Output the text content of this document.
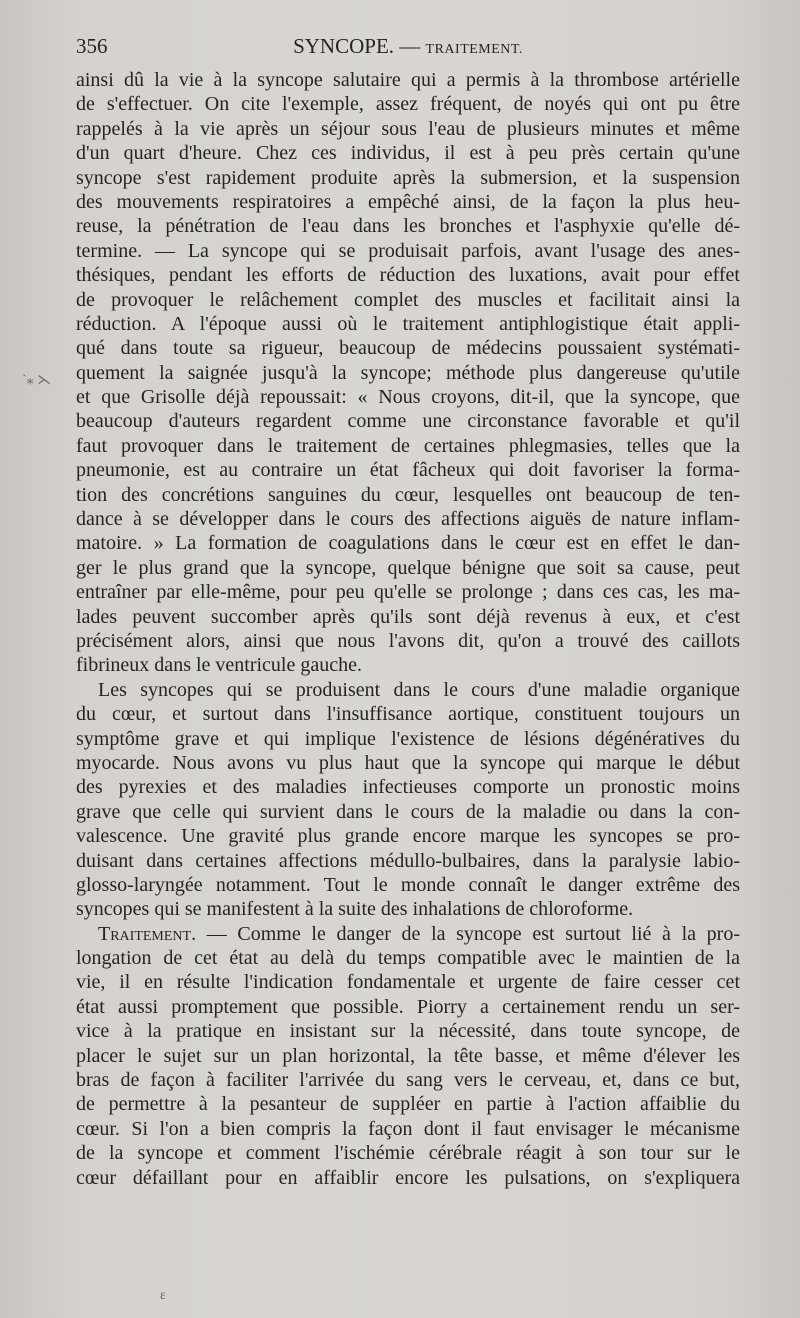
356	SYNCOPE. — TRAITEMENT.
ˋ⁎ ⋋
ainsi dû la vie à la syncope salutaire qui a permis à la thrombose artérielle
de s'effectuer. On cite l'exemple, assez fréquent, de noyés qui ont pu être
rappelés à la vie après un séjour sous l'eau de plusieurs minutes et même
d'un quart d'heure. Chez ces individus, il est à peu près certain qu'une
syncope s'est rapidement produite après la submersion, et la suspension
des mouvements respiratoires a empêché ainsi, de la façon la plus heu-
reuse, la pénétration de l'eau dans les bronches et l'asphyxie qu'elle dé-
termine. — La syncope qui se produisait parfois, avant l'usage des anes-
thésiques, pendant les efforts de réduction des luxations, avait pour effet
de provoquer le relâchement complet des muscles et facilitait ainsi la
réduction. A l'époque aussi où le traitement antiphlogistique était appli-
qué dans toute sa rigueur, beaucoup de médecins poussaient systémati-
quement la saignée jusqu'à la syncope; méthode plus dangereuse qu'utile
et que Grisolle déjà repoussait: « Nous croyons, dit-il, que la syncope, que
beaucoup d'auteurs regardent comme une circonstance favorable et qu'il
faut provoquer dans le traitement de certaines phlegmasies, telles que la
pneumonie, est au contraire un état fâcheux qui doit favoriser la forma-
tion des concrétions sanguines du cœur, lesquelles ont beaucoup de ten-
dance à se développer dans le cours des affections aiguës de nature inflam-
matoire. » La formation de coagulations dans le cœur est en effet le dan-
ger le plus grand que la syncope, quelque bénigne que soit sa cause, peut
entraîner par elle-même, pour peu qu'elle se prolonge ; dans ces cas, les ma-
lades peuvent succomber après qu'ils sont déjà revenus à eux, et c'est
précisément alors, ainsi que nous l'avons dit, qu'on a trouvé des caillots
fibrineux dans le ventricule gauche.
Les syncopes qui se produisent dans le cours d'une maladie organique
du cœur, et surtout dans l'insuffisance aortique, constituent toujours un
symptôme grave et qui implique l'existence de lésions dégénératives du
myocarde. Nous avons vu plus haut que la syncope qui marque le début
des pyrexies et des maladies infectieuses comporte un pronostic moins
grave que celle qui survient dans le cours de la maladie ou dans la con-
valescence. Une gravité plus grande encore marque les syncopes se pro-
duisant dans certaines affections médullo-bulbaires, dans la paralysie labio-
glosso-laryngée notamment. Tout le monde connaît le danger extrême des
syncopes qui se manifestent à la suite des inhalations de chloroforme.
Traitement. — Comme le danger de la syncope est surtout lié à la pro-
longation de cet état au delà du temps compatible avec le maintien de la
vie, il en résulte l'indication fondamentale et urgente de faire cesser cet
état aussi promptement que possible. Piorry a certainement rendu un ser-
vice à la pratique en insistant sur la nécessité, dans toute syncope, de
placer le sujet sur un plan horizontal, la tête basse, et même d'élever les
bras de façon à faciliter l'arrivée du sang vers le cerveau, et, dans ce but,
de permettre à la pesanteur de suppléer en partie à l'action affaiblie du
cœur. Si l'on a bien compris la façon dont il faut envisager le mécanisme
de la syncope et comment l'ischémie cérébrale réagit à son tour sur le
cœur défaillant pour en affaiblir encore les pulsations, on s'expliquera
ɛ
